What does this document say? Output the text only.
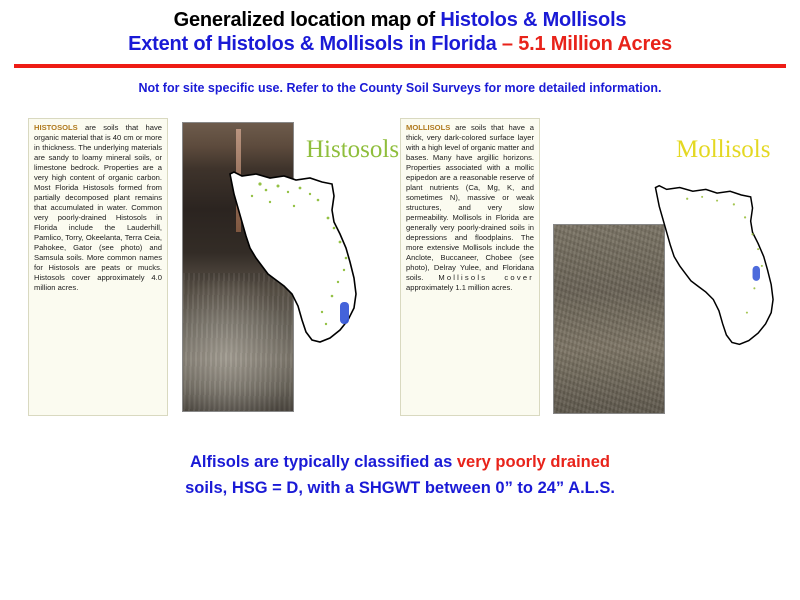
Generalized location map of Histolos & Mollisols
Extent of Histolos & Mollisols in Florida – 5.1 Million Acres
Not for site specific use. Refer to the County Soil Surveys for more detailed information.
HISTOSOLS are soils that have organic material that is 40 cm or more in thickness. The underlying materials are sandy to loamy mineral soils, or limestone bedrock. Properties are a very high content of organic carbon. Most Florida Histosols formed from partially decomposed plant remains that accumulated in water. Common very poorly-drained Histosols in Florida include the Lauderhill, Pamlico, Torry, Okeelanta, Terra Ceia, Pahokee, Gator (see photo) and Samsula soils. More common names for Histosols are peats or mucks. Histosols cover approximately 4.0 million acres.
Histosols
MOLLISOLS are soils that have a thick, very dark-colored surface layer with a high level of organic matter and bases. Many have argillic horizons. Properties associated with a mollic epipedon are a reasonable reserve of plant nutrients (Ca, Mg, K, and sometimes N), massive or weak structures, and very slow permeability. Mollisols in Florida are generally very poorly-drained soils in depressions and floodplains. The more extensive Mollisols include the Anclote, Buccaneer, Chobee (see photo), Delray Yulee, and Floridana soils. Mollisols cover approximately 1.1 million acres.
Mollisols
Alfisols are typically classified as very poorly drained
soils, HSG = D, with a SHGWT between 0” to 24” A.L.S.
